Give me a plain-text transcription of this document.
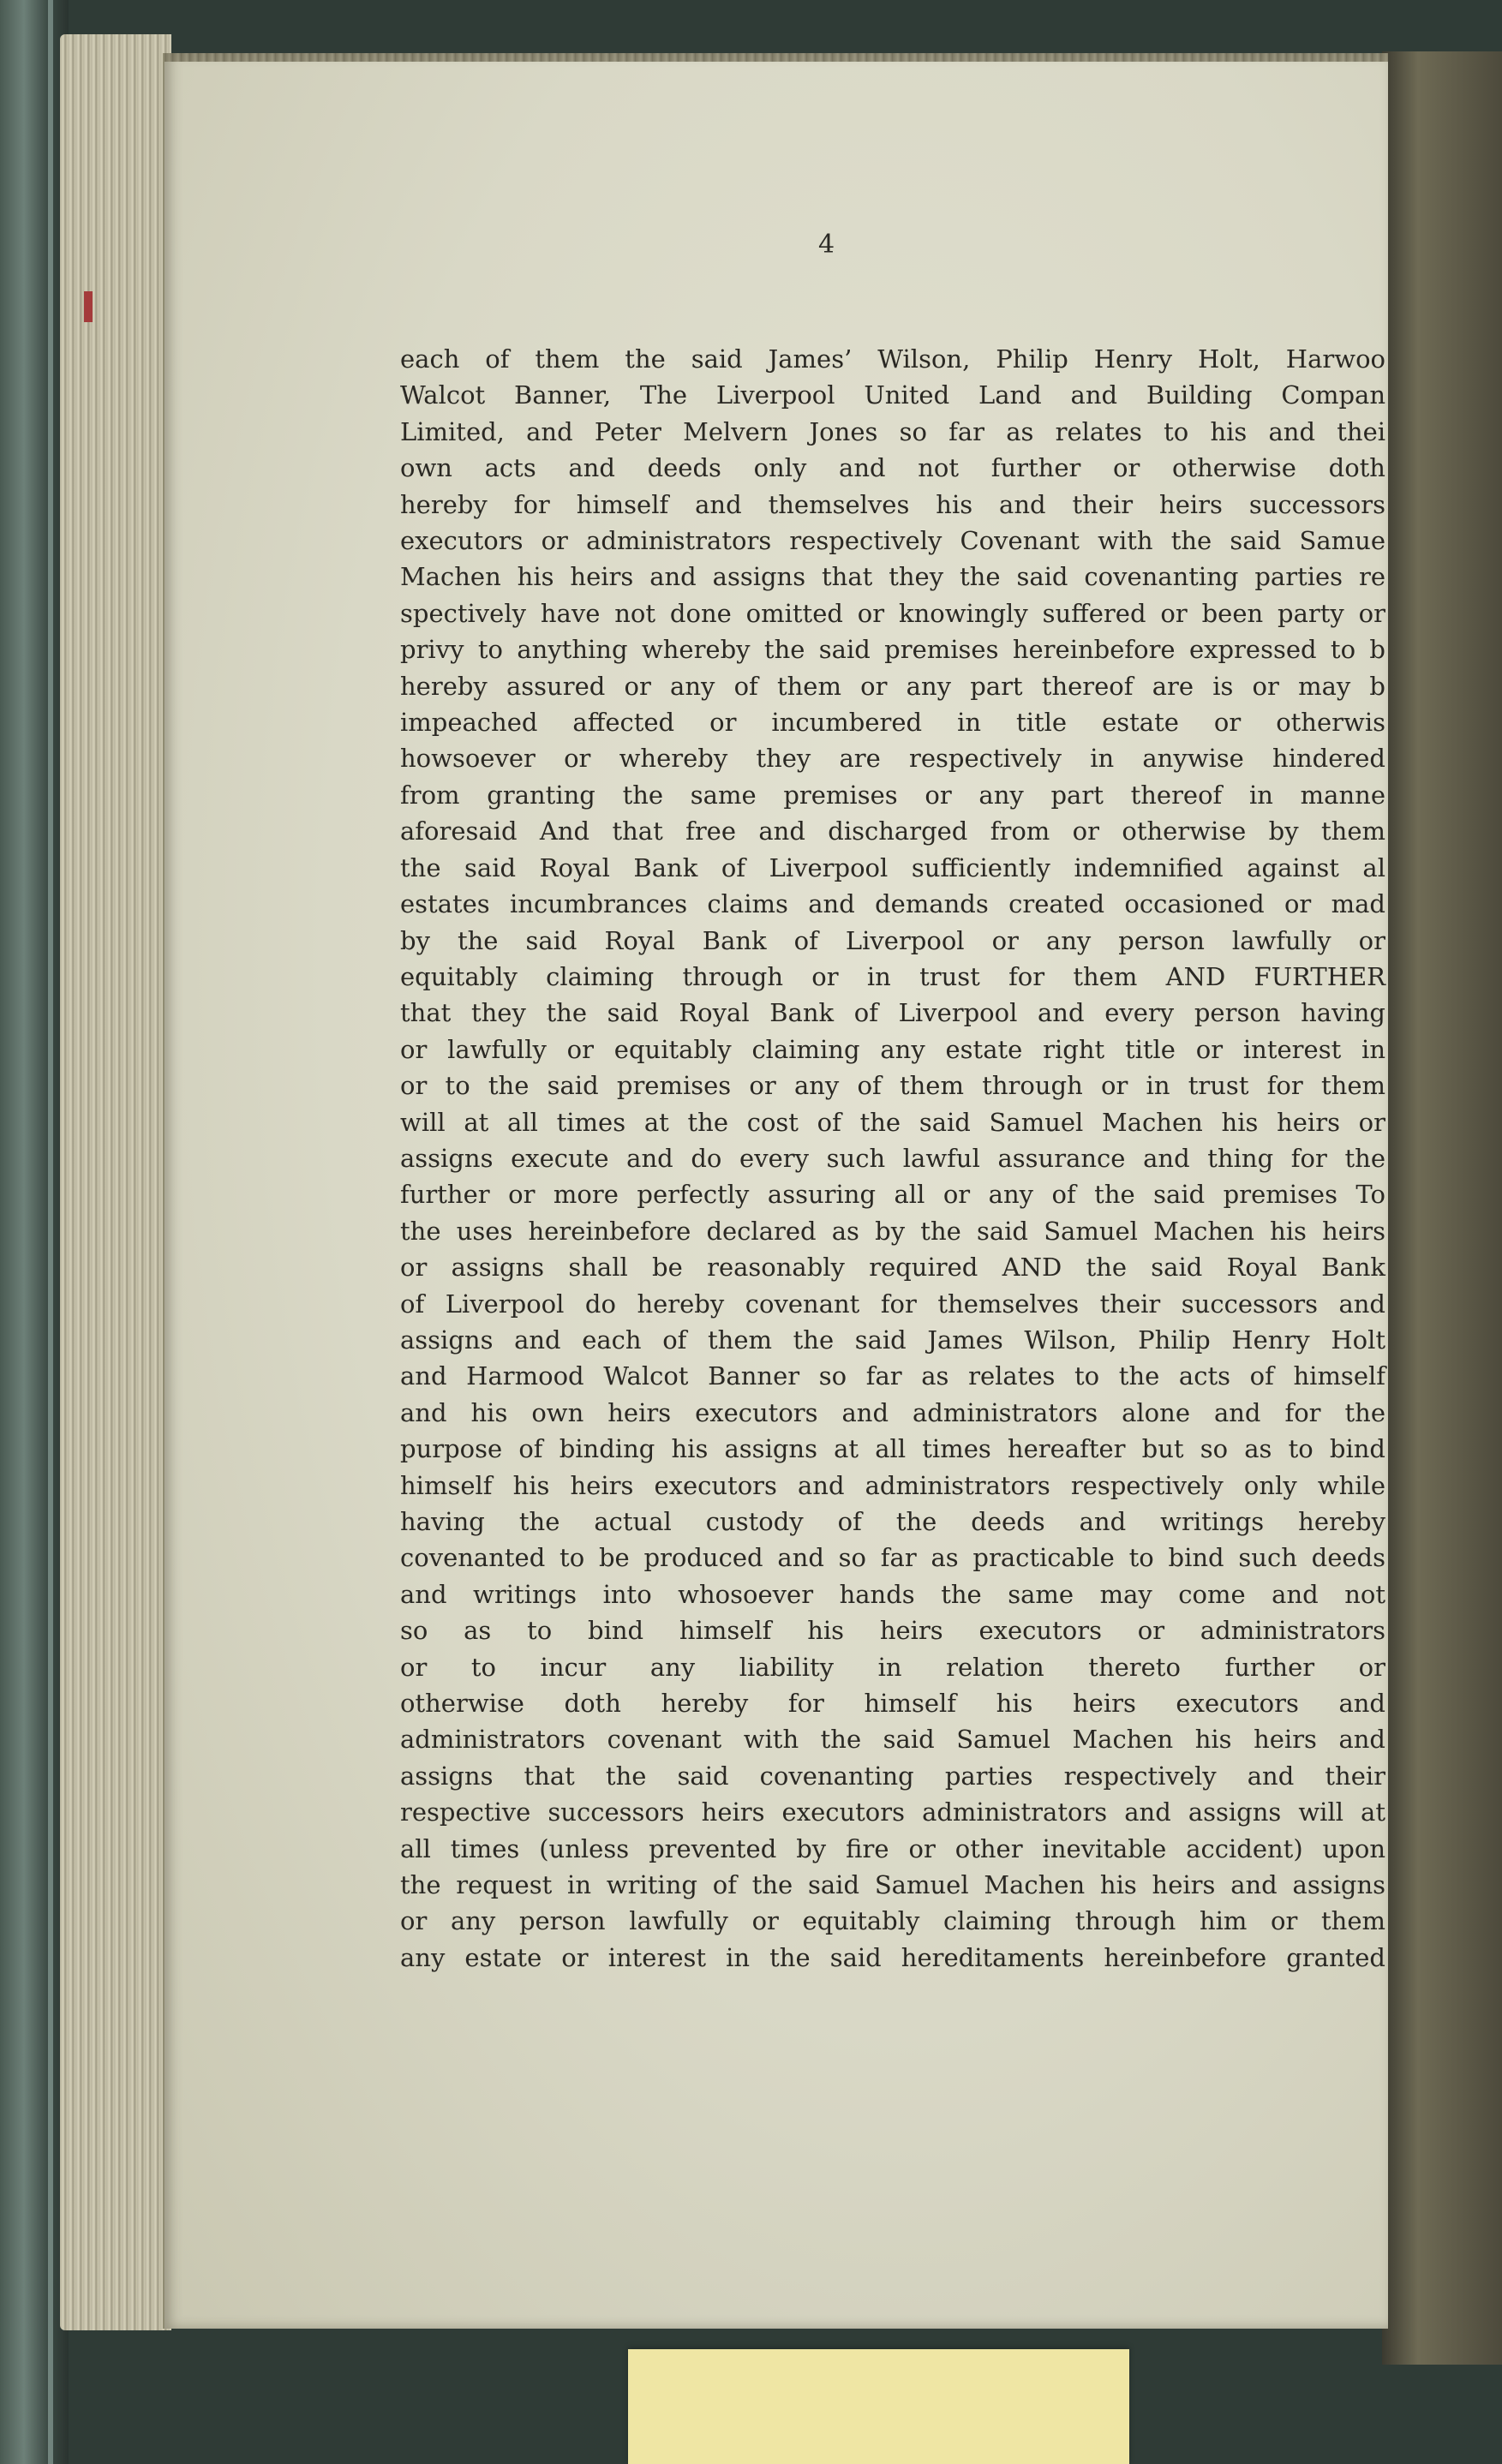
4
each of them the said James’ Wilson, Philip Henry Holt, Harwoo
Walcot Banner, The Liverpool United Land and Building Compan
Limited, and Peter Melvern Jones so far as relates to his and thei
own acts and deeds only and not further or otherwise doth
hereby for himself and themselves his and their heirs successors
executors or administrators respectively Covenant with the said Samue
Machen his heirs and assigns that they the said covenanting parties re
spectively have not done omitted or knowingly suffered or been party or
privy to anything whereby the said premises hereinbefore expressed to b
hereby assured or any of them or any part thereof are is or may b
impeached affected or incumbered in title estate or otherwis
howsoever or whereby they are respectively in anywise hindered
from granting the same premises or any part thereof in manne
aforesaid And that free and discharged from or otherwise by them
the said Royal Bank of Liverpool sufficiently indemnified against al
estates incumbrances claims and demands created occasioned or mad
by the said Royal Bank of Liverpool or any person lawfully or
equitably claiming through or in trust for them AND FURTHER
that they the said Royal Bank of Liverpool and every person having
or lawfully or equitably claiming any estate right title or interest in
or to the said premises or any of them through or in trust for them
will at all times at the cost of the said Samuel Machen his heirs or
assigns execute and do every such lawful assurance and thing for the
further or more perfectly assuring all or any of the said premises To
the uses hereinbefore declared as by the said Samuel Machen his heirs
or assigns shall be reasonably required AND the said Royal Bank
of Liverpool do hereby covenant for themselves their successors and
assigns and each of them the said James Wilson, Philip Henry Holt
and Harmood Walcot Banner so far as relates to the acts of himself
and his own heirs executors and administrators alone and for the
purpose of binding his assigns at all times hereafter but so as to bind
himself his heirs executors and administrators respectively only while
having the actual custody of the deeds and writings hereby
covenanted to be produced and so far as practicable to bind such deeds
and writings into whosoever hands the same may come and not
so as to bind himself his heirs executors or administrators
or to incur any liability in relation thereto further or
otherwise doth hereby for himself his heirs executors and
administrators covenant with the said Samuel Machen his heirs and
assigns that the said covenanting parties respectively and their
respective successors heirs executors administrators and assigns will at
all times (unless prevented by fire or other inevitable accident) upon
the request in writing of the said Samuel Machen his heirs and assigns
or any person lawfully or equitably claiming through him or them
any estate or interest in the said hereditaments hereinbefore granted
